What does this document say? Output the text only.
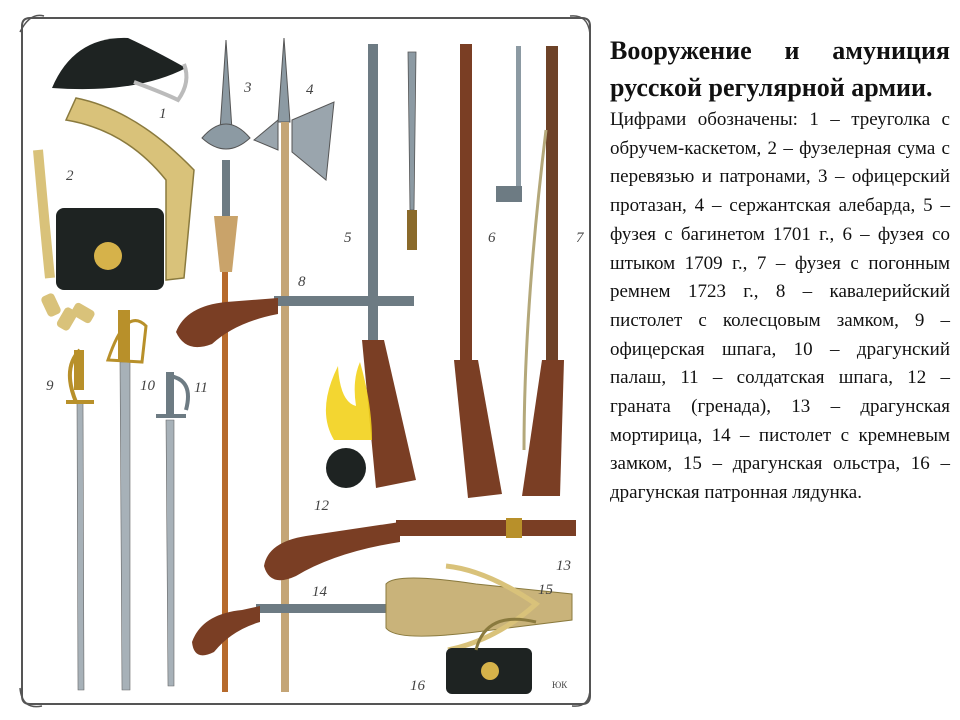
1
2
3	4
5	6	7
8
9	10	11
12
13
14	15
16	ЮК

Вооружение и амуниция русской регулярной армии.

Цифрами обозначены: 1 – треуголка с обручем-каскетом, 2 – фузелерная сума с перевязью и патронами, 3 – офицерский протазан, 4 – сержантская алебарда, 5 – фузея с багинетом 1701 г., 6 – фузея со штыком 1709 г., 7 – фузея с погонным ремнем 1723 г., 8 – кавалерийский пистолет с колесцовым замком, 9 – офицерская шпага, 10 – драгунский палаш, 11 – солдатская шпага, 12 – граната (гренада), 13 – драгунская мортирица, 14 – пистолет с кремневым замком, 15 – драгунская ольстра, 16 – драгунская патронная лядунка.
